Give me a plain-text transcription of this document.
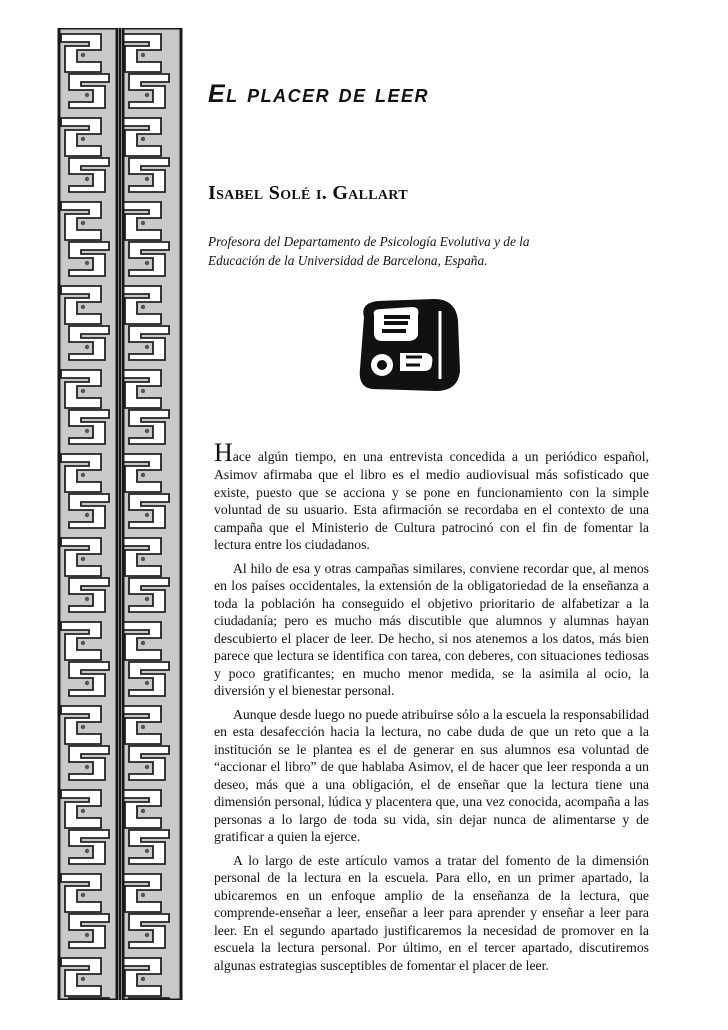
El placer de leer
Isabel Solé i. Gallart

Profesora del Departamento de Psicología Evolutiva y de la
Educación de la Universidad de Barcelona, España.

Hace algún tiempo, en una entrevista concedida a un periódico español, Asimov afirmaba que el libro es el medio audiovisual más sofisticado que existe, puesto que se acciona y se pone en funcionamiento con la simple voluntad de su usuario. Esta afirmación se recordaba en el contexto de una campaña que el Ministerio de Cultura patrocinó con el fin de fomentar la lectura entre los ciudadanos.

Al hilo de esa y otras campañas similares, conviene recordar que, al menos en los países occidentales, la extensión de la obligatoriedad de la enseñanza a toda la población ha conseguido el objetivo prioritario de alfabetizar a la ciudadanía; pero es mucho más discutible que alumnos y alumnas hayan descubierto el placer de leer. De hecho, si nos atenemos a los datos, más bien parece que lectura se identifica con tarea, con deberes, con situaciones tediosas y poco gratificantes; en mucho menor medida, se la asimila al ocio, la diversión y el bienestar personal.

Aunque desde luego no puede atribuirse sólo a la escuela la responsabilidad en esta desafección hacia la lectura, no cabe duda de que un reto que a la institución se le plantea es el de generar en sus alumnos esa voluntad de “accionar el libro” de que hablaba Asimov, el de hacer que leer responda a un deseo, más que a una obligación, el de enseñar que la lectura tiene una dimensión personal, lúdica y placentera que, una vez conocida, acompaña a las personas a lo largo de toda su vida, sin dejar nunca de alimentarse y de gratificar a quien la ejerce.

A lo largo de este artículo vamos a tratar del fomento de la dimensión personal de la lectura en la escuela. Para ello, en un primer apartado, la ubicaremos en un enfoque amplio de la enseñanza de la lectura, que comprende-enseñar a leer, enseñar a leer para aprender y enseñar a leer para leer. En el segundo apartado justificaremos la necesidad de promover en la escuela la lectura personal. Por último, en el tercer apartado, discutiremos algunas estrategias susceptibles de fomentar el placer de leer.
